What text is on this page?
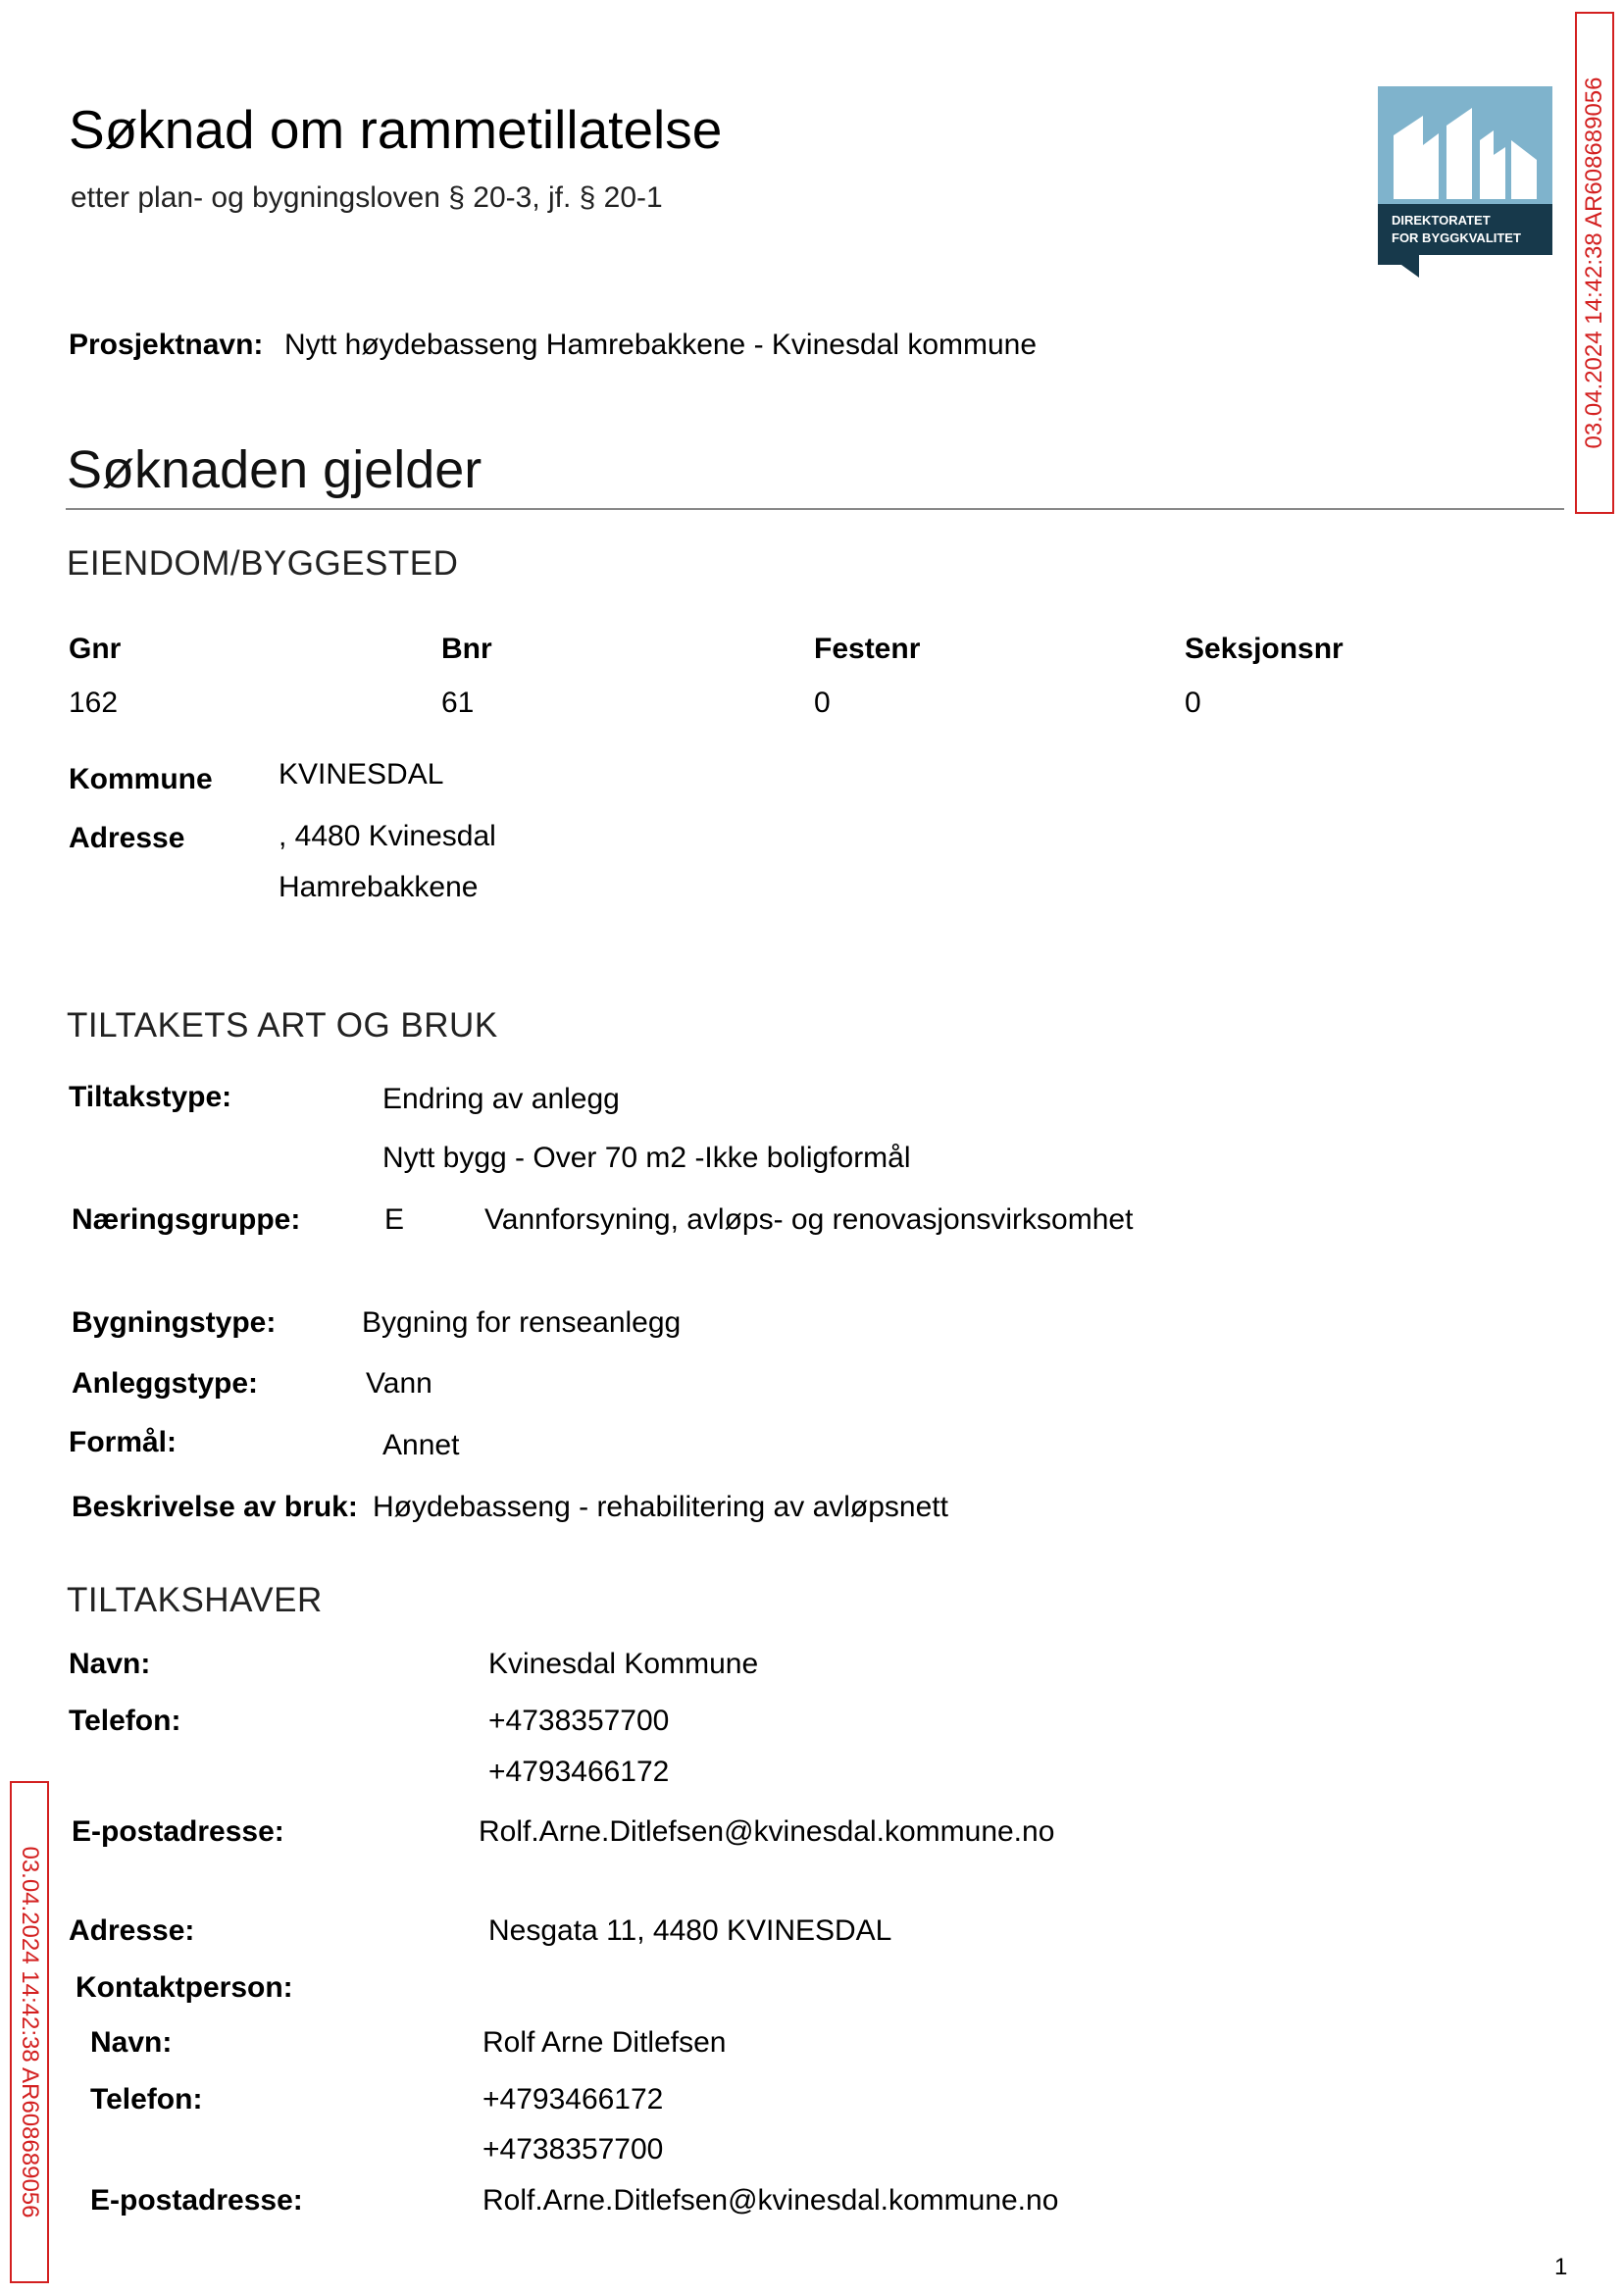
Søknad om rammetillatelse
etter plan- og bygningsloven § 20-3, jf. § 20-1
DIREKTORATET
FOR BYGGKVALITET	03.04.2024 14:42:38 AR608689056
03.04.2024 14:42:38 AR608689056
Prosjektnavn: Nytt høydebasseng Hamrebakkene - Kvinesdal kommune
Søknaden gjelder
EIENDOM/BYGGESTED
Gnr	Bnr	Festenr	Seksjonsnr
162	61	0	0
Kommune KVINESDAL
Adresse	, 4480 Kvinesdal
Hamrebakkene
TILTAKETS ART OG BRUK
Tiltakstype:	Endring av anlegg
Nytt bygg - Over 70 m2 -Ikke boligformål
Næringsgruppe:	E	Vannforsyning, avløps- og renovasjonsvirksomhet
Bygningstype:	Bygning for renseanlegg
Anleggstype:	Vann
Formål:	Annet
Beskrivelse av bruk: Høydebasseng - rehabilitering av avløpsnett
TILTAKSHAVER
Navn:	Kvinesdal Kommune
Telefon:	+4738357700
+4793466172
E-postadresse:	Rolf.Arne.Ditlefsen@kvinesdal.kommune.no
Adresse:	Nesgata 11, 4480 KVINESDAL
Kontaktperson:
Navn:	Rolf Arne Ditlefsen
Telefon:	+4793466172
+4738357700
E-postadresse:	Rolf.Arne.Ditlefsen@kvinesdal.kommune.no
1
